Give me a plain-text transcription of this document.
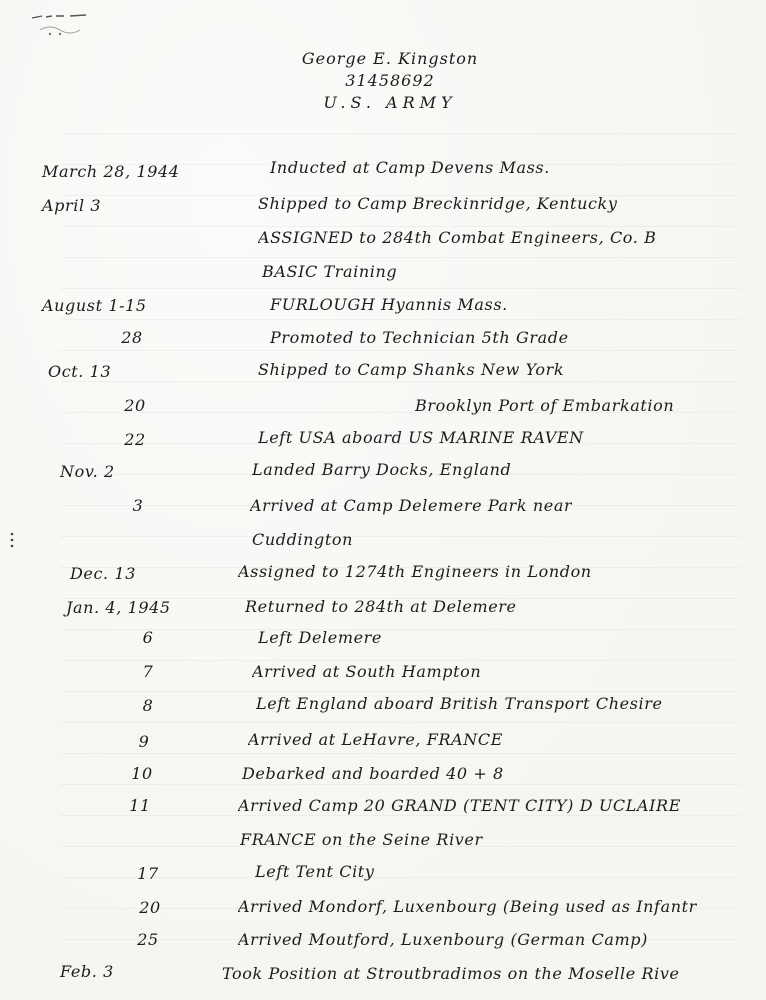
George E. Kingston
31458692
U.S. ARMY
March 28, 1944	Inducted at Camp Devens Mass.
April 3	Shipped to Camp Breckinridge, Kentucky
ASSIGNED to 284th Combat Engineers, Co. B
BASIC Training
August 1-15	FURLOUGH Hyannis Mass.
28	Promoted to Technician 5th Grade
Oct. 13	Shipped to Camp Shanks New York
20	Brooklyn Port of Embarkation
22	Left USA aboard US MARINE RAVEN
Nov. 2	Landed Barry Docks, England
3	Arrived at Camp Delemere Park near
Cuddington
Dec. 13	Assigned to 1274th Engineers in London
Jan. 4, 1945	Returned to 284th at Delemere
6	Left Delemere
7	Arrived at South Hampton
8	Left England aboard British Transport Chesire
9	Arrived at LeHavre, FRANCE
10	Debarked and boarded 40 + 8
11	Arrived Camp 20 GRAND (TENT CITY) D UCLAIRE
FRANCE on the Seine River
17	Left Tent City
20	Arrived Mondorf, Luxenbourg (Being used as Infantr
25	Arrived Moutford, Luxenbourg (German Camp)
Feb. 3	Took Position at Stroutbradimos on the Moselle Rive
